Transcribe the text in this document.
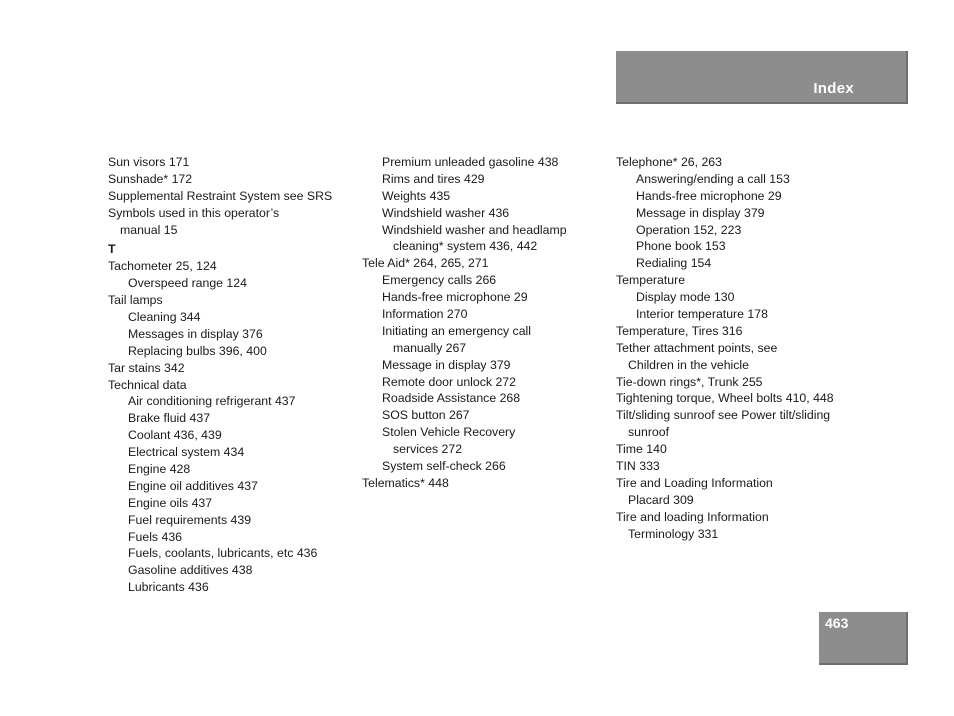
Index
Sun visors 171
Sunshade* 172
Supplemental Restraint System see SRS
Symbols used in this operator’s
manual 15
T
Tachometer 25, 124
Overspeed range 124
Tail lamps
Cleaning 344
Messages in display 376
Replacing bulbs 396, 400
Tar stains 342
Technical data
Air conditioning refrigerant 437
Brake fluid 437
Coolant 436, 439
Electrical system 434
Engine 428
Engine oil additives 437
Engine oils 437
Fuel requirements 439
Fuels 436
Fuels, coolants, lubricants, etc 436
Gasoline additives 438
Lubricants 436
Premium unleaded gasoline 438
Rims and tires 429
Weights 435
Windshield washer 436
Windshield washer and headlamp
cleaning* system 436, 442
Tele Aid* 264, 265, 271
Emergency calls 266
Hands-free microphone 29
Information 270
Initiating an emergency call
manually 267
Message in display 379
Remote door unlock 272
Roadside Assistance 268
SOS button 267
Stolen Vehicle Recovery
services 272
System self-check 266
Telematics* 448
Telephone* 26, 263
Answering/ending a call 153
Hands-free microphone 29
Message in display 379
Operation 152, 223
Phone book 153
Redialing 154
Temperature
Display mode 130
Interior temperature 178
Temperature, Tires 316
Tether attachment points, see
Children in the vehicle
Tie-down rings*, Trunk 255
Tightening torque, Wheel bolts 410, 448
Tilt/sliding sunroof see Power tilt/sliding
sunroof
Time 140
TIN 333
Tire and Loading Information
Placard 309
Tire and loading Information
Terminology 331
463
